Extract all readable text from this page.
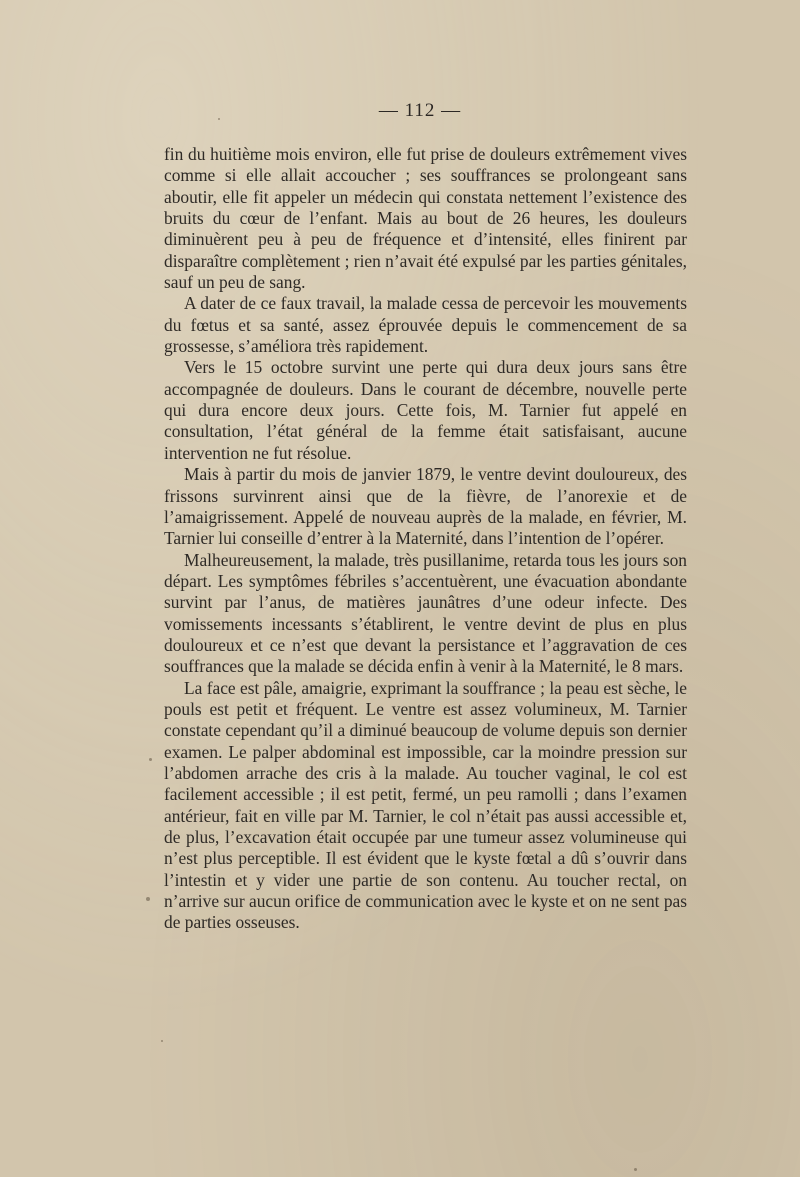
— 112 —

fin du huitième mois environ, elle fut prise de douleurs extrêmement vives comme si elle allait accoucher ; ses souffrances se prolongeant sans aboutir, elle fit appeler un médecin qui constata nettement l’existence des bruits du cœur de l’enfant. Mais au bout de 26 heures, les douleurs diminuèrent peu à peu de fréquence et d’intensité, elles finirent par disparaître complètement ; rien n’avait été expulsé par les parties génitales, sauf un peu de sang.

A dater de ce faux travail, la malade cessa de percevoir les mouvements du fœtus et sa santé, assez éprouvée depuis le commencement de sa grossesse, s’améliora très rapidement.

Vers le 15 octobre survint une perte qui dura deux jours sans être accompagnée de douleurs. Dans le courant de décembre, nouvelle perte qui dura encore deux jours. Cette fois, M. Tarnier fut appelé en consultation, l’état général de la femme était satisfaisant, aucune intervention ne fut résolue.

Mais à partir du mois de janvier 1879, le ventre devint douloureux, des frissons survinrent ainsi que de la fièvre, de l’anorexie et de l’amaigrissement. Appelé de nouveau auprès de la malade, en février, M. Tarnier lui conseille d’entrer à la Maternité, dans l’intention de l’opérer.

Malheureusement, la malade, très pusillanime, retarda tous les jours son départ. Les symptômes fébriles s’accentuèrent, une évacuation abondante survint par l’anus, de matières jaunâtres d’une odeur infecte. Des vomissements incessants s’établirent, le ventre devint de plus en plus douloureux et ce n’est que devant la persistance et l’aggravation de ces souffrances que la malade se décida enfin à venir à la Maternité, le 8 mars.

La face est pâle, amaigrie, exprimant la souffrance ; la peau est sèche, le pouls est petit et fréquent. Le ventre est assez volumineux, M. Tarnier constate cependant qu’il a diminué beaucoup de volume depuis son dernier examen. Le palper abdominal est impossible, car la moindre pression sur l’abdomen arrache des cris à la malade. Au toucher vaginal, le col est facilement accessible ; il est petit, fermé, un peu ramolli ; dans l’examen antérieur, fait en ville par M. Tarnier, le col n’était pas aussi accessible et, de plus, l’excavation était occupée par une tumeur assez volumineuse qui n’est plus perceptible. Il est évident que le kyste fœtal a dû s’ouvrir dans l’intestin et y vider une partie de son contenu. Au toucher rectal, on n’arrive sur aucun orifice de communication avec le kyste et on ne sent pas de parties osseuses.
